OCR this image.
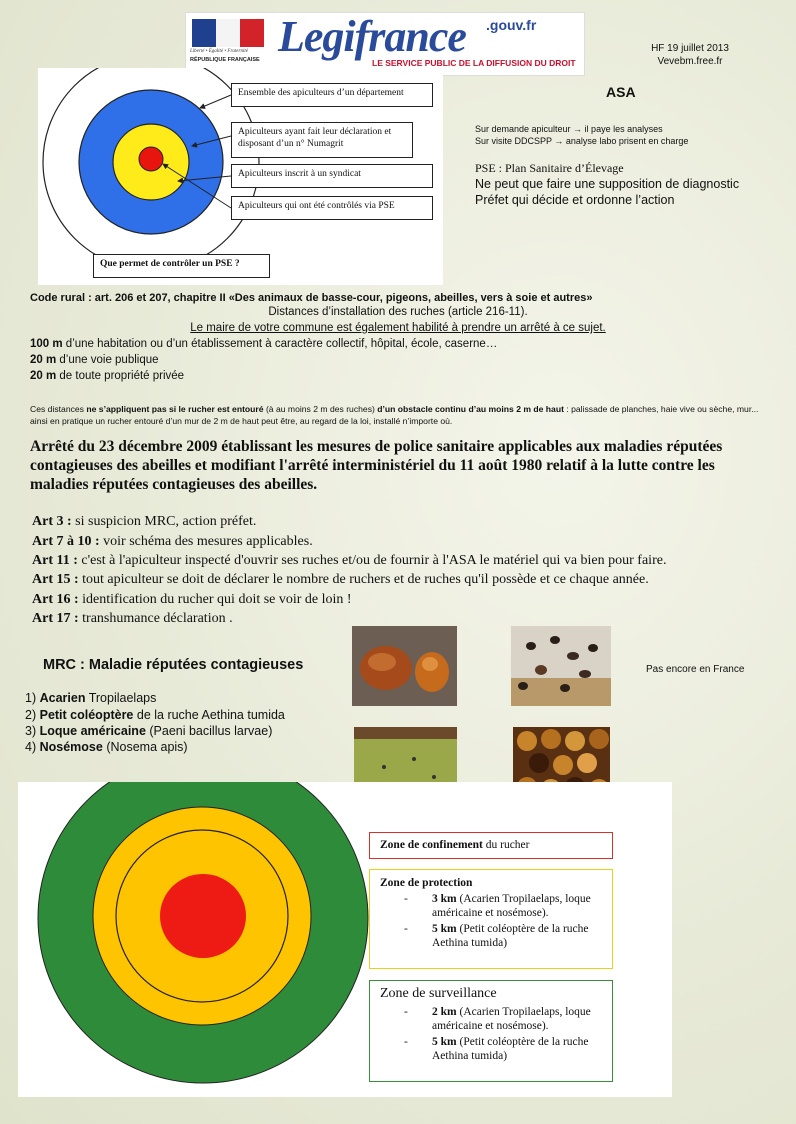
Liberté • Égalité • Fraternité
RÉPUBLIQUE FRANÇAISE Legifrance .gouv.fr
LE SERVICE PUBLIC DE LA DIFFUSION DU DROIT
HF 19 juillet 2013
Vevebm.free.fr
Ensemble des apiculteurs d’un département
Apiculteurs ayant fait leur déclaration et disposant d’un n° Numagrit
Apiculteurs inscrit à un syndicat
Apiculteurs qui ont été contrôlés via PSE
Que permet de contrôler un PSE ?
ASA
Sur demande apiculteur → il paye les analyses
Sur visite DDCSPP → analyse labo prisent en charge
PSE : Plan Sanitaire d’Élevage
Ne peut que faire une supposition de diagnostic
Préfet qui décide et ordonne l’action
Code rural : art. 206 et 207, chapitre II «Des animaux de basse-cour, pigeons, abeilles, vers à soie et autres»
Distances d’installation des ruches (article 216-11).
Le maire de votre commune est également habilité à prendre un arrêté à ce sujet.
100 m d’une habitation ou d’un établissement à caractère collectif, hôpital, école, caserne…
20 m d’une voie publique
20 m de toute propriété privée
Ces distances ne s’appliquent pas si le rucher est entouré (à au moins 2 m des ruches) d’un obstacle continu d’au moins 2 m de haut : palissade de planches, haie vive ou sèche, mur... ainsi en pratique un rucher entouré d’un mur de 2 m de haut peut être, au regard de la loi, installé n’importe où.
Arrêté du 23 décembre 2009 établissant les mesures de police sanitaire applicables aux maladies réputées contagieuses des abeilles et modifiant l'arrêté interministériel du 11 août 1980 relatif à la lutte contre les maladies réputées contagieuses des abeilles.
Art 3 : si suspicion MRC, action préfet.
Art 7 à 10 : voir schéma des mesures applicables.
Art 11 : c'est à l'apiculteur inspecté d'ouvrir ses ruches et/ou de fournir à l'ASA le matériel qui va bien pour faire.
Art 15 : tout apiculteur se doit de déclarer le nombre de ruchers et de ruches qu'il possède et ce chaque année.
Art 16 : identification du rucher qui doit se voir de loin !
Art 17 : transhumance déclaration .
MRC : Maladie réputées contagieuses
1) Acarien Tropilaelaps
2) Petit coléoptère de la ruche Aethina tumida
3) Loque américaine (Paeni bacillus larvae)
4) Nosémose (Nosema apis)
Pas encore en France
Zone de confinement du rucher
Zone de protection
- 3 km (Acarien Tropilaelaps, loque américaine et nosémose).
- 5 km (Petit coléoptère de la ruche Aethina tumida)
Zone de surveillance
- 2 km (Acarien Tropilaelaps, loque américaine et nosémose).
- 5 km (Petit coléoptère de la ruche Aethina tumida)
